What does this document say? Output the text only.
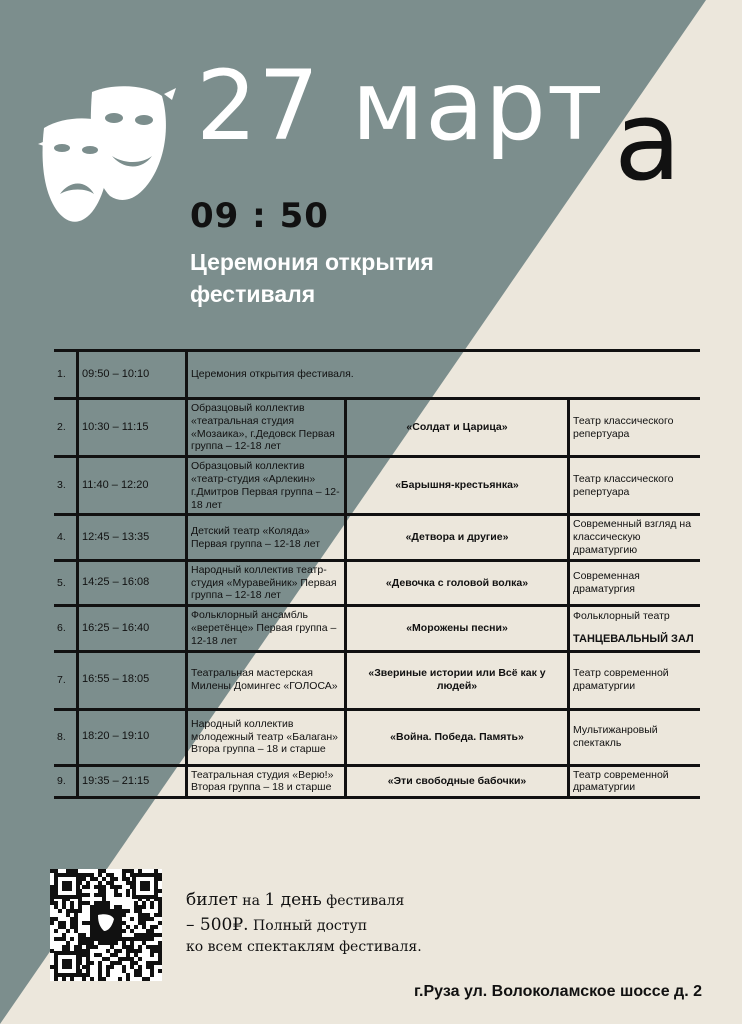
27 март а
09 : 50
Церемония открытия фестиваля
1.	09:50 – 10:10	Церемония открытия фестиваля.		
2.	10:30 – 11:15	Образцовый коллектив «театральная студия «Мозаика», г.Дедовск Первая группа – 12-18 лет	«Солдат и Царица»	Театр классического репертуара
3.	11:40 – 12:20	Образцовый коллектив «театр-студия «Арлекин» г.Дмитров Первая группа – 12-18 лет	«Барышня-крестьянка»	Театр классического репертуара
4.	12:45 – 13:35	Детский театр «Коляда» Первая группа – 12-18 лет	«Детвора и другие»	Современный взгляд на классическую драматургию
5.	14:25 – 16:08	Народный коллектив театр-студия «Муравейник» Первая группа – 12-18 лет	«Девочка с головой волка»	Современная драматургия
6.	16:25 – 16:40	Фольклорный ансамбль «веретёнце» Первая группа – 12-18 лет	«Морожены песни»	Фольклорный театр
ТАНЦЕВАЛЬНЫЙ ЗАЛ

7.	16:55 – 18:05	Театральная мастерская Милены Домингес «ГОЛОСА»	«Звериные истории или Всё как у людей»	Театр современной драматургии
8.	18:20 – 19:10	Народный коллектив молодежный театр «Балаган» Втора группа – 18 и старше	«Война. Победа. Память»	Мультижанровый спектакль
9.	19:35 – 21:15	Театральная студия «Верю!» Вторая группа – 18 и старше	«Эти свободные бабочки»	Театр современной драматургии
билет на 1 день фестиваля
– 500₽. Полный доступ
ко всем спектаклям фестиваля.
г.Руза ул. Волоколамское шоссе д. 2
